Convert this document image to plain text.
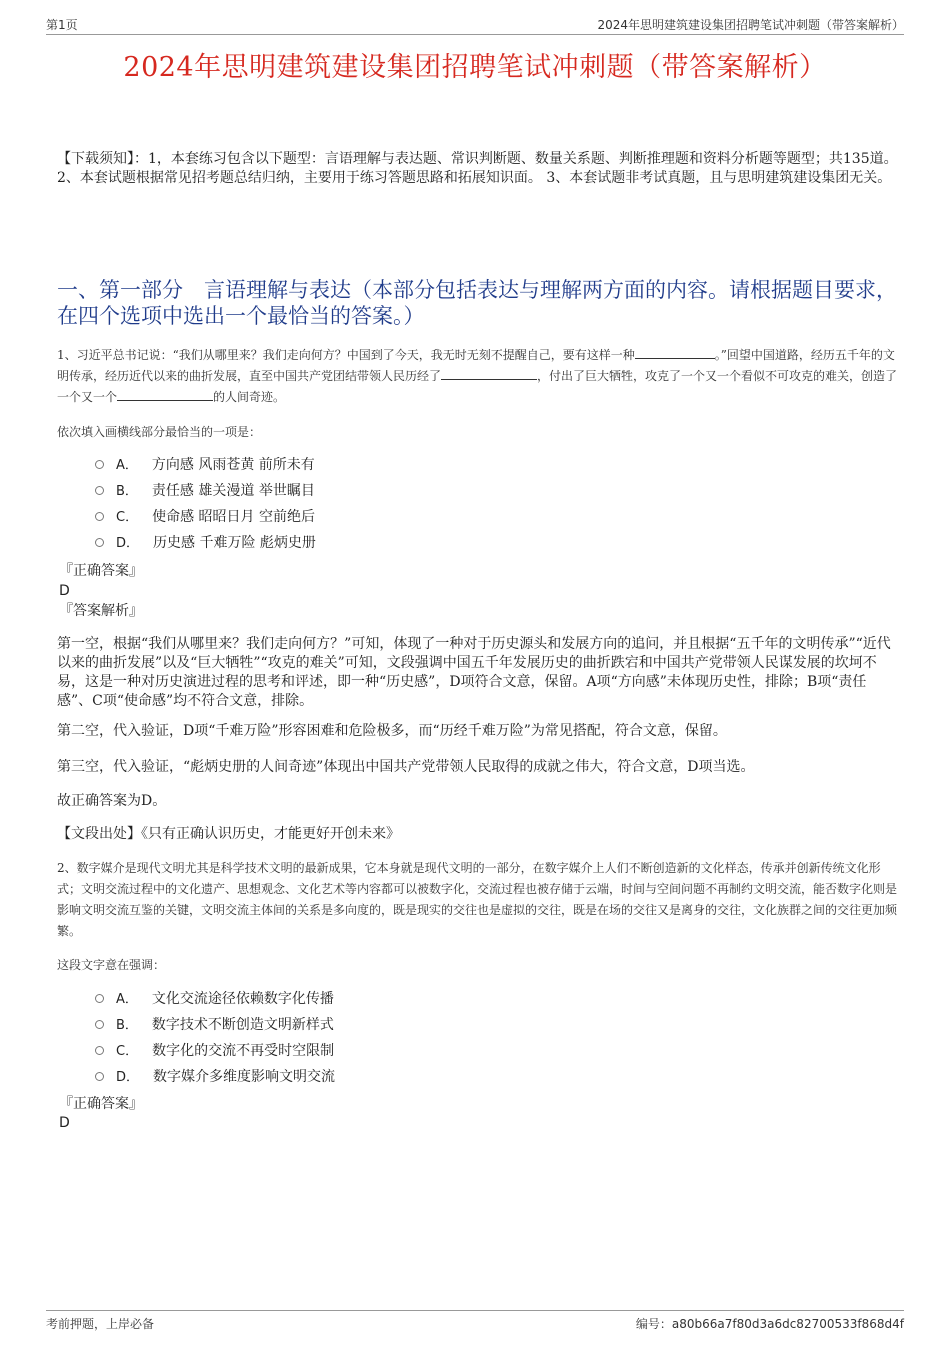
第1页	2024年思明建筑建设集团招聘笔试冲刺题（带答案解析）
2024年思明建筑建设集团招聘笔试冲刺题（带答案解析）
【下载须知】：1，本套练习包含以下题型：言语理解与表达题、常识判断题、数量关系题、判断推理题和资料分析题等题型；共135道。 2、本套试题根据常见招考题总结归纳，主要用于练习答题思路和拓展知识面。 3、本套试题非考试真题，且与思明建筑建设集团无关。
一、第一部分　言语理解与表达（本部分包括表达与理解两方面的内容。请根据题目要求，在四个选项中选出一个最恰当的答案。）
1、习近平总书记说：“我们从哪里来？我们走向何方？中国到了今天，我无时无刻不提醒自己，要有这样一种	。”回望中国道路，经历五千年的文明传承，经历近代以来的曲折发展，直至中国共产党团结带领人民历经了	，付出了巨大牺牲，攻克了一个又一个看似不可攻克的难关，创造了一个又一个	的人间奇迹。
依次填入画横线部分最恰当的一项是：
A． 方向感 风雨苍黄 前所未有
B． 责任感 雄关漫道 举世瞩目
C． 使命感 昭昭日月 空前绝后
D． 历史感 千难万险 彪炳史册
『正确答案』
D
『答案解析』
第一空，根据“我们从哪里来？我们走向何方？”可知，体现了一种对于历史源头和发展方向的追问，并且根据“五千年的文明传承”“近代以来的曲折发展”以及“巨大牺牲”“攻克的难关”可知，文段强调中国五千年发展历史的曲折跌宕和中国共产党带领人民谋发展的坎坷不易，这是一种对历史演进过程的思考和评述，即一种“历史感”，D项符合文意，保留。A项“方向感”未体现历史性，排除；B项“责任感”、C项“使命感”均不符合文意，排除。
第二空，代入验证，D项“千难万险”形容困难和危险极多，而“历经千难万险”为常见搭配，符合文意，保留。
第三空，代入验证，“彪炳史册的人间奇迹”体现出中国共产党带领人民取得的成就之伟大，符合文意，D项当选。
故正确答案为D。
【文段出处】《只有正确认识历史，才能更好开创未来》
2、数字媒介是现代文明尤其是科学技术文明的最新成果，它本身就是现代文明的一部分，在数字媒介上人们不断创造新的文化样态，传承并创新传统文化形式；文明交流过程中的文化遗产、思想观念、文化艺术等内容都可以被数字化，交流过程也被存储于云端，时间与空间问题不再制约文明交流，能否数字化则是影响文明交流互鉴的关键，文明交流主体间的关系是多向度的，既是现实的交往也是虚拟的交往，既是在场的交往又是离身的交往，文化族群之间的交往更加频繁。
这段文字意在强调：
A． 文化交流途径依赖数字化传播
B． 数字技术不断创造文明新样式
C． 数字化的交流不再受时空限制
D． 数字媒介多维度影响文明交流
『正确答案』
D
考前押题，上岸必备	编号：a80b66a7f80d3a6dc82700533f868d4f
